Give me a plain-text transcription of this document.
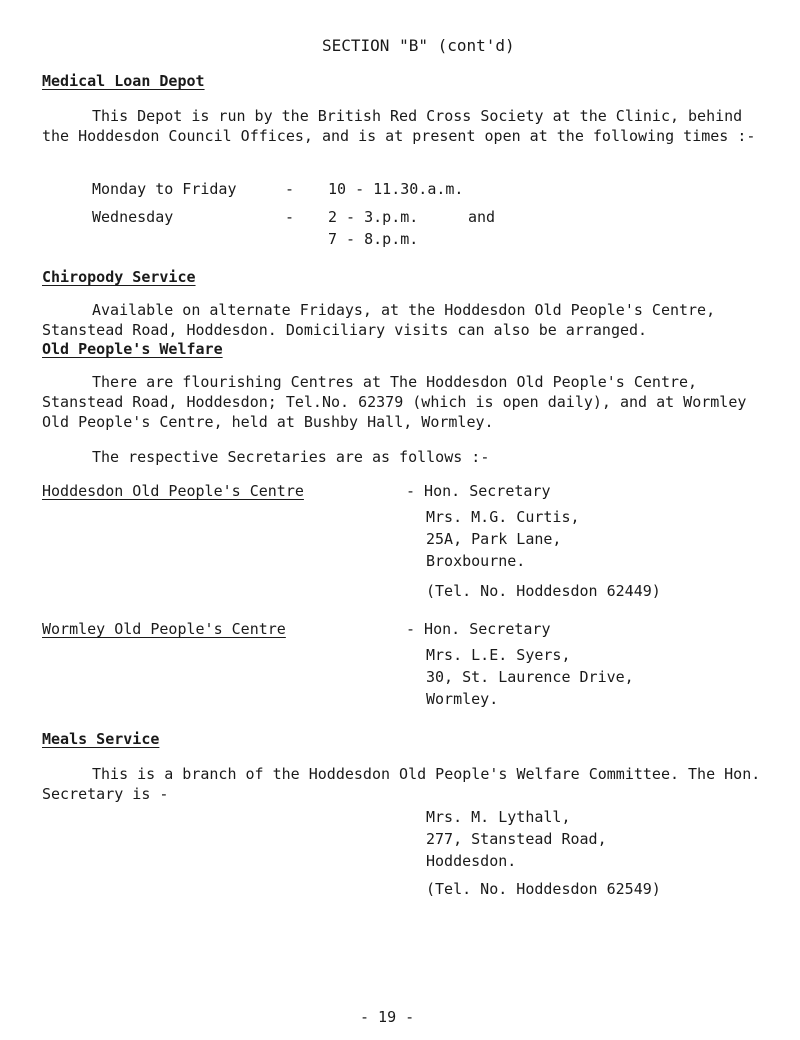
SECTION "B" (cont'd)
Medical Loan Depot
This Depot is run by the British Red Cross Society at the Clinic, behind the Hoddesdon Council Offices, and is at present open at the following times :-
Monday to Friday	- 10 - 11.30.a.m.
Wednesday	- 2 - 3.p.m.	and
7 - 8.p.m.
Chiropody Service
Available on alternate Fridays, at the Hoddesdon Old People's Centre, Stanstead Road, Hoddesdon. Domiciliary visits can also be arranged.
Old People's Welfare
There are flourishing Centres at The Hoddesdon Old People's Centre, Stanstead Road, Hoddesdon; Tel.No. 62379 (which is open daily), and at Wormley Old People's Centre, held at Bushby Hall, Wormley.
The respective Secretaries are as follows :-
Hoddesdon Old People's Centre	- Hon. Secretary
Mrs. M.G. Curtis,
25A, Park Lane,
Broxbourne.
(Tel. No. Hoddesdon 62449)
Wormley Old People's Centre	- Hon. Secretary
Mrs. L.E. Syers,
30, St. Laurence Drive,
Wormley.
Meals Service
This is a branch of the Hoddesdon Old People's Welfare Committee. The Hon. Secretary is -
Mrs. M. Lythall,
277, Stanstead Road,
Hoddesdon.
(Tel. No. Hoddesdon 62549)
- 19 -
